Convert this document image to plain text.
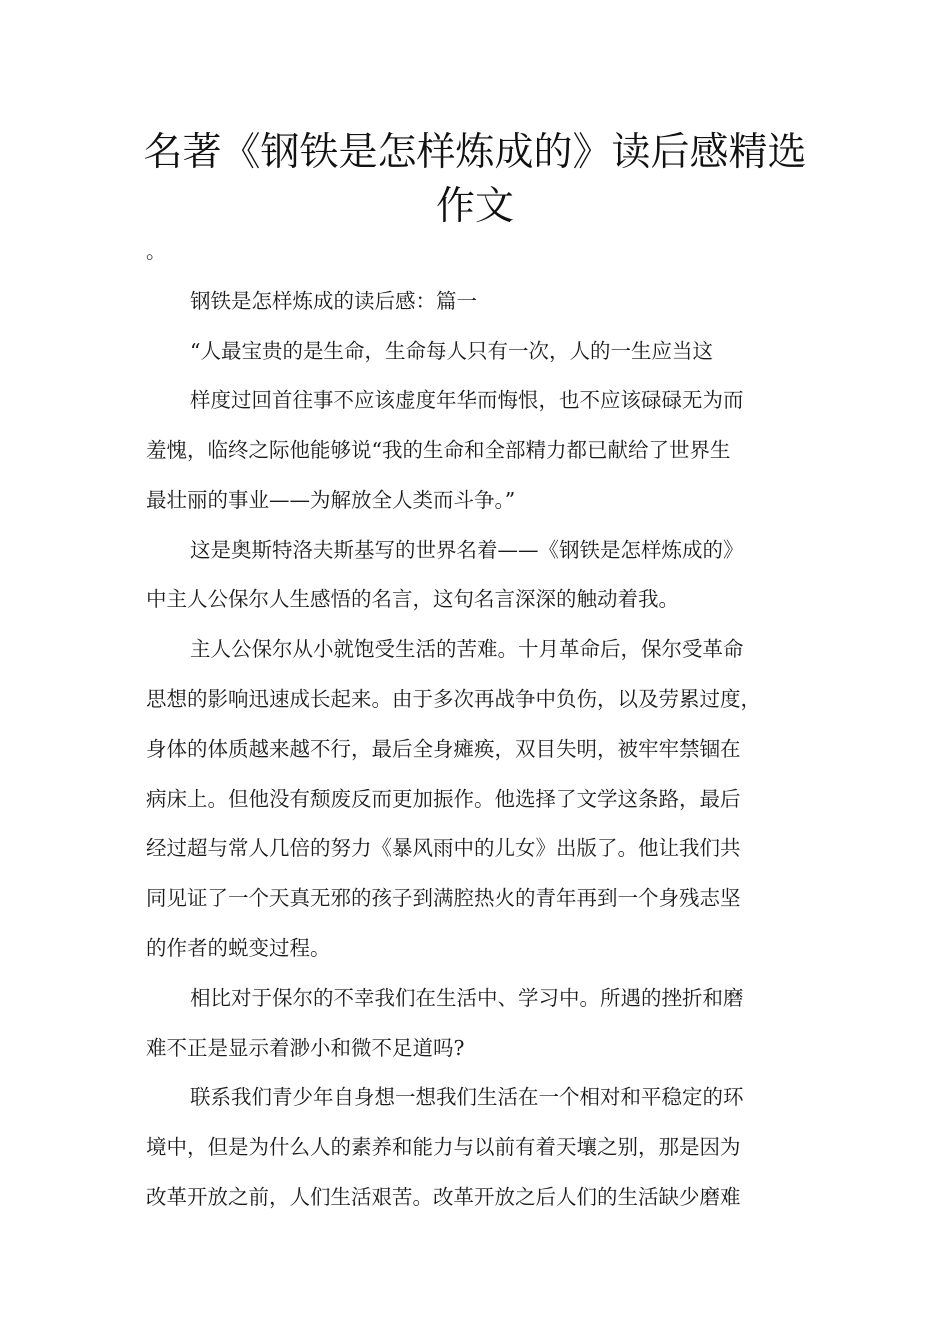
名著《钢铁是怎样炼成的》读后感精选
作文
。
钢铁是怎样炼成的读后感：篇一
“人最宝贵的是生命，生命每人只有一次，人的一生应当这
样度过回首往事不应该虚度年华而悔恨，也不应该碌碌无为而
羞愧，临终之际他能够说“我的生命和全部精力都已献给了世界生
最壮丽的事业——为解放全人类而斗争。”
这是奥斯特洛夫斯基写的世界名着——《钢铁是怎样炼成的》
中主人公保尔人生感悟的名言，这句名言深深的触动着我。
主人公保尔从小就饱受生活的苦难。十月革命后，保尔受革命
思想的影响迅速成长起来。由于多次再战争中负伤，以及劳累过度，
身体的体质越来越不行，最后全身瘫痪，双目失明，被牢牢禁锢在
病床上。但他没有颓废反而更加振作。他选择了文学这条路，最后
经过超与常人几倍的努力《暴风雨中的儿女》出版了。他让我们共
同见证了一个天真无邪的孩子到满腔热火的青年再到一个身残志坚
的作者的蜕变过程。
相比对于保尔的不幸我们在生活中、学习中。所遇的挫折和磨
难不正是显示着渺小和微不足道吗?
联系我们青少年自身想一想我们生活在一个相对和平稳定的环
境中，但是为什么人的素养和能力与以前有着天壤之别，那是因为
改革开放之前，人们生活艰苦。改革开放之后人们的生活缺少磨难
